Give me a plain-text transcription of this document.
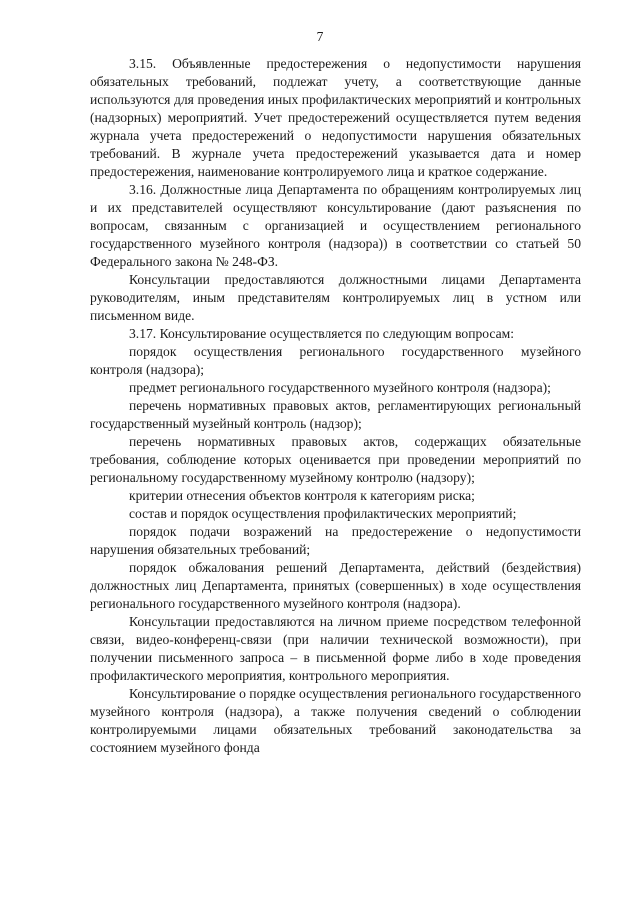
7

3.15. Объявленные предостережения о недопустимости нарушения обязательных требований, подлежат учету, а соответствующие данные используются для проведения иных профилактических мероприятий и контрольных (надзорных) мероприятий. Учет предостережений осуществляется путем ведения журнала учета предостережений о недопустимости нарушения обязательных требований. В журнале учета предостережений указывается дата и номер предостережения, наименование контролируемого лица и краткое содержание.

3.16. Должностные лица Департамента по обращениям контролируемых лиц и их представителей осуществляют консультирование (дают разъяснения по вопросам, связанным с организацией и осуществлением регионального государственного музейного контроля (надзора)) в соответствии со статьей 50 Федерального закона № 248-ФЗ.

Консультации предоставляются должностными лицами Департамента руководителям, иным представителям контролируемых лиц в устном или письменном виде.

3.17. Консультирование осуществляется по следующим вопросам:

порядок осуществления регионального государственного музейного контроля (надзора);

предмет регионального государственного музейного контроля (надзора);

перечень нормативных правовых актов, регламентирующих региональный государственный музейный контроль (надзор);

перечень нормативных правовых актов, содержащих обязательные требования, соблюдение которых оценивается при проведении мероприятий по региональному государственному музейному контролю (надзору);

критерии отнесения объектов контроля к категориям риска;

состав и порядок осуществления профилактических мероприятий;

порядок подачи возражений на предостережение о недопустимости нарушения обязательных требований;

порядок обжалования решений Департамента, действий (бездействия) должностных лиц Департамента, принятых (совершенных) в ходе осуществления регионального государственного музейного контроля (надзора).

Консультации предоставляются на личном приеме посредством телефонной связи, видео-конференц-связи (при наличии технической возможности), при получении письменного запроса – в письменной форме либо в ходе проведения профилактического мероприятия, контрольного мероприятия.

Консультирование о порядке осуществления регионального государственного музейного контроля (надзора), а также получения сведений о соблюдении контролируемыми лицами обязательных требований законодательства за состоянием музейного фонда
